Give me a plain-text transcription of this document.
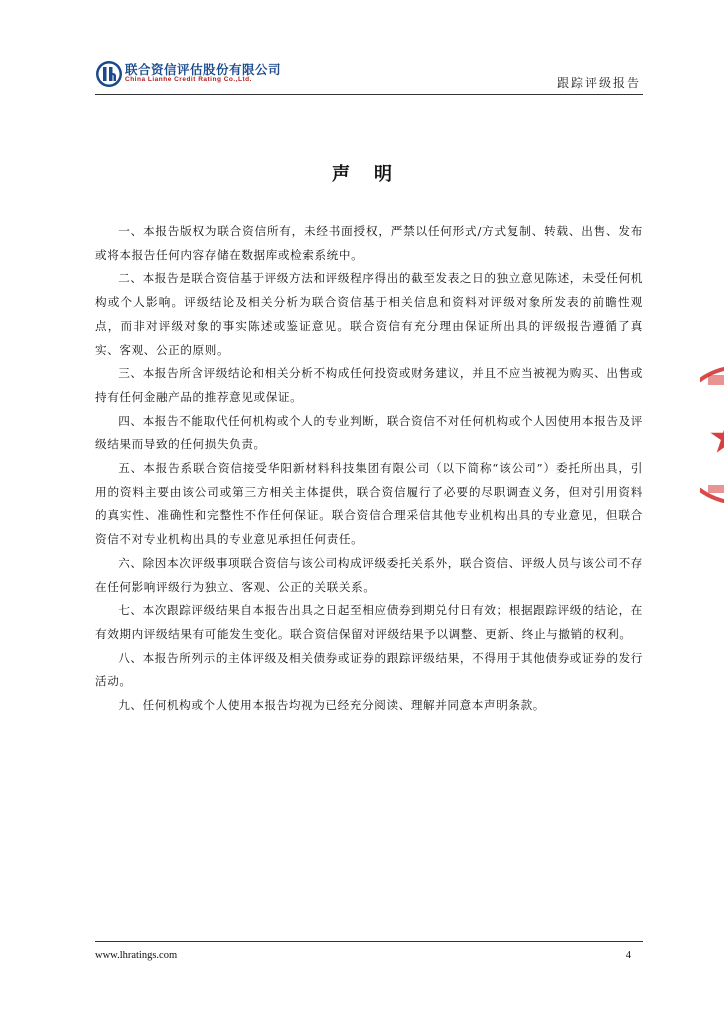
联合资信评估股份有限公司
China Lianhe Credit Rating Co.,Ltd.	跟踪评级报告
声明

一、本报告版权为联合资信所有，未经书面授权，严禁以任何形式/方式复制、转载、出售、发布或将本报告任何内容存储在数据库或检索系统中。

二、本报告是联合资信基于评级方法和评级程序得出的截至发表之日的独立意见陈述，未受任何机构或个人影响。评级结论及相关分析为联合资信基于相关信息和资料对评级对象所发表的前瞻性观点，而非对评级对象的事实陈述或鉴证意见。联合资信有充分理由保证所出具的评级报告遵循了真实、客观、公正的原则。

三、本报告所含评级结论和相关分析不构成任何投资或财务建议，并且不应当被视为购买、出售或持有任何金融产品的推荐意见或保证。

四、本报告不能取代任何机构或个人的专业判断，联合资信不对任何机构或个人因使用本报告及评级结果而导致的任何损失负责。

五、本报告系联合资信接受华阳新材料科技集团有限公司（以下简称“该公司”）委托所出具，引用的资料主要由该公司或第三方相关主体提供，联合资信履行了必要的尽职调查义务，但对引用资料的真实性、准确性和完整性不作任何保证。联合资信合理采信其他专业机构出具的专业意见，但联合资信不对专业机构出具的专业意见承担任何责任。

六、除因本次评级事项联合资信与该公司构成评级委托关系外，联合资信、评级人员与该公司不存在任何影响评级行为独立、客观、公正的关联关系。

七、本次跟踪评级结果自本报告出具之日起至相应债券到期兑付日有效；根据跟踪评级的结论，在有效期内评级结果有可能发生变化。联合资信保留对评级结果予以调整、更新、终止与撤销的权利。

八、本报告所列示的主体评级及相关债券或证券的跟踪评级结果，不得用于其他债券或证券的发行活动。

九、任何机构或个人使用本报告均视为已经充分阅读、理解并同意本声明条款。

www.lhratings.com	4
